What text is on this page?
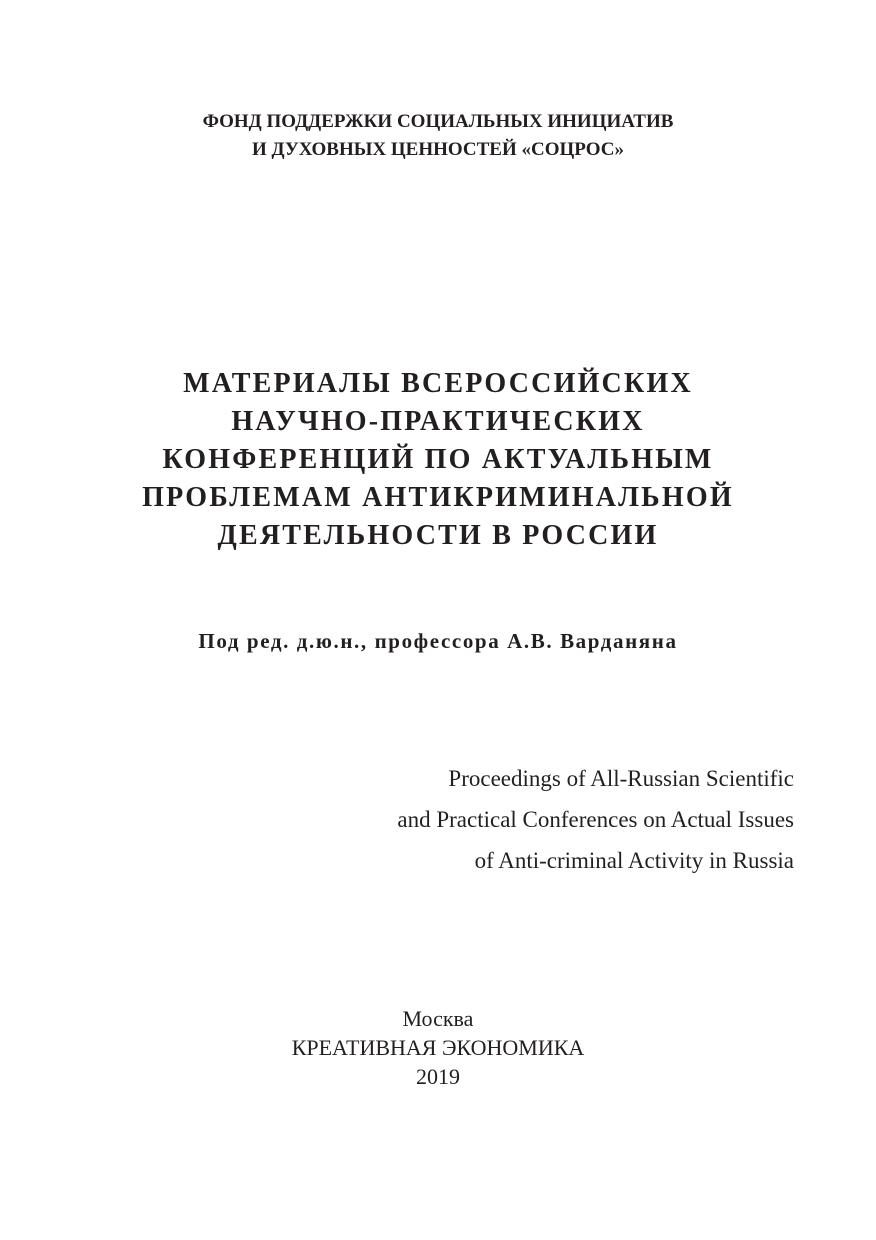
ФОНД ПОДДЕРЖКИ СОЦИАЛЬНЫХ ИНИЦИАТИВ
И ДУХОВНЫХ ЦЕННОСТЕЙ «СОЦРОС»
МАТЕРИАЛЫ ВСЕРОССИЙСКИХ
НАУЧНО-ПРАКТИЧЕСКИХ
КОНФЕРЕНЦИЙ ПО АКТУАЛЬНЫМ
ПРОБЛЕМАМ АНТИКРИМИНАЛЬНОЙ
ДЕЯТЕЛЬНОСТИ В РОССИИ
Под ред. д.ю.н., профессора А.В. Варданяна
Proceedings of All-Russian Scientific
and Practical Conferences on Actual Issues
of Anti-criminal Activity in Russia
Москва
КРЕАТИВНАЯ ЭКОНОМИКА
2019
